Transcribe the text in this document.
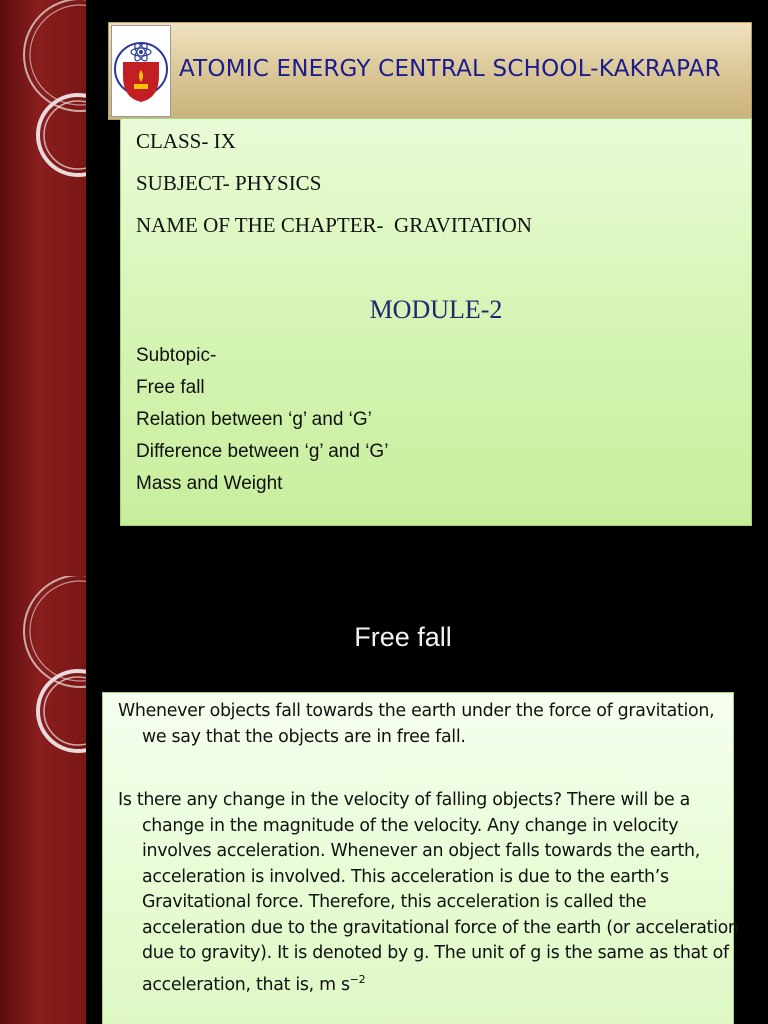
ATOMIC ENERGY CENTRAL SCHOOL-KAKRAPAR
CLASS- IX
SUBJECT- PHYSICS
NAME OF THE CHAPTER-  GRAVITATION
MODULE-2
Subtopic-
Free fall
Relation between ‘g’ and ‘G’
Difference between ‘g’ and ‘G’
Mass and Weight
Free fall
Whenever objects fall towards the earth under the force of gravitation, we say that the objects are in free fall.
Is there any change in the velocity of falling objects? There will be a change in the magnitude of the velocity. Any change in velocity involves acceleration. Whenever an object falls towards the earth, acceleration is involved. This acceleration is due to the earth’s Gravitational force. Therefore, this acceleration is called the acceleration due to the gravitational force of the earth (or acceleration due to gravity). It is denoted by g. The unit of g is the same as that of acceleration, that is, m $s^{-2}$
